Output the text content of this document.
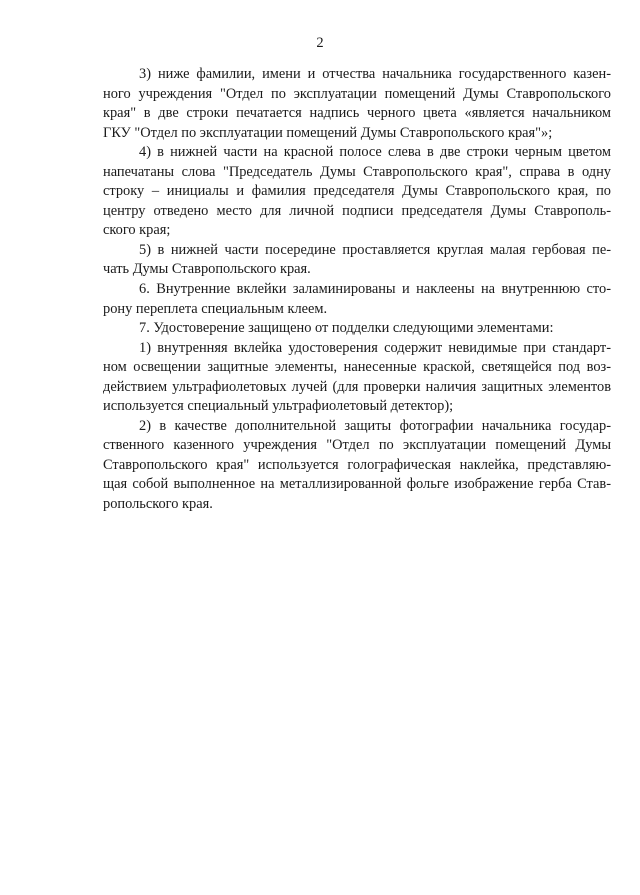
2
3) ниже фамилии, имени и отчества начальника государственного казен-
ного учреждения "Отдел по эксплуатации помещений Думы Ставропольского
края" в две строки печатается надпись черного цвета «является начальником
ГКУ "Отдел по эксплуатации помещений Думы Ставропольского края"»;
4) в нижней части на красной полосе слева в две строки черным цветом
напечатаны слова "Председатель Думы Ставропольского края", справа в одну
строку – инициалы и фамилия председателя Думы Ставропольского края, по
центру отведено место для личной подписи председателя Думы Ставрополь-
ского края;
5) в нижней части посередине проставляется круглая малая гербовая пе-
чать Думы Ставропольского края.
6. Внутренние вклейки заламинированы и наклеены на внутреннюю сто-
рону переплета специальным клеем.
7. Удостоверение защищено от подделки следующими элементами:
1) внутренняя вклейка удостоверения содержит невидимые при стандарт-
ном освещении защитные элементы, нанесенные краской, светящейся под воз-
действием ультрафиолетовых лучей (для проверки наличия защитных элементов
используется специальный ультрафиолетовый детектор);
2) в качестве дополнительной защиты фотографии начальника государ-
ственного казенного учреждения "Отдел по эксплуатации помещений Думы
Ставропольского края" используется голографическая наклейка, представляю-
щая собой выполненное на металлизированной фольге изображение герба Став-
ропольского края.
